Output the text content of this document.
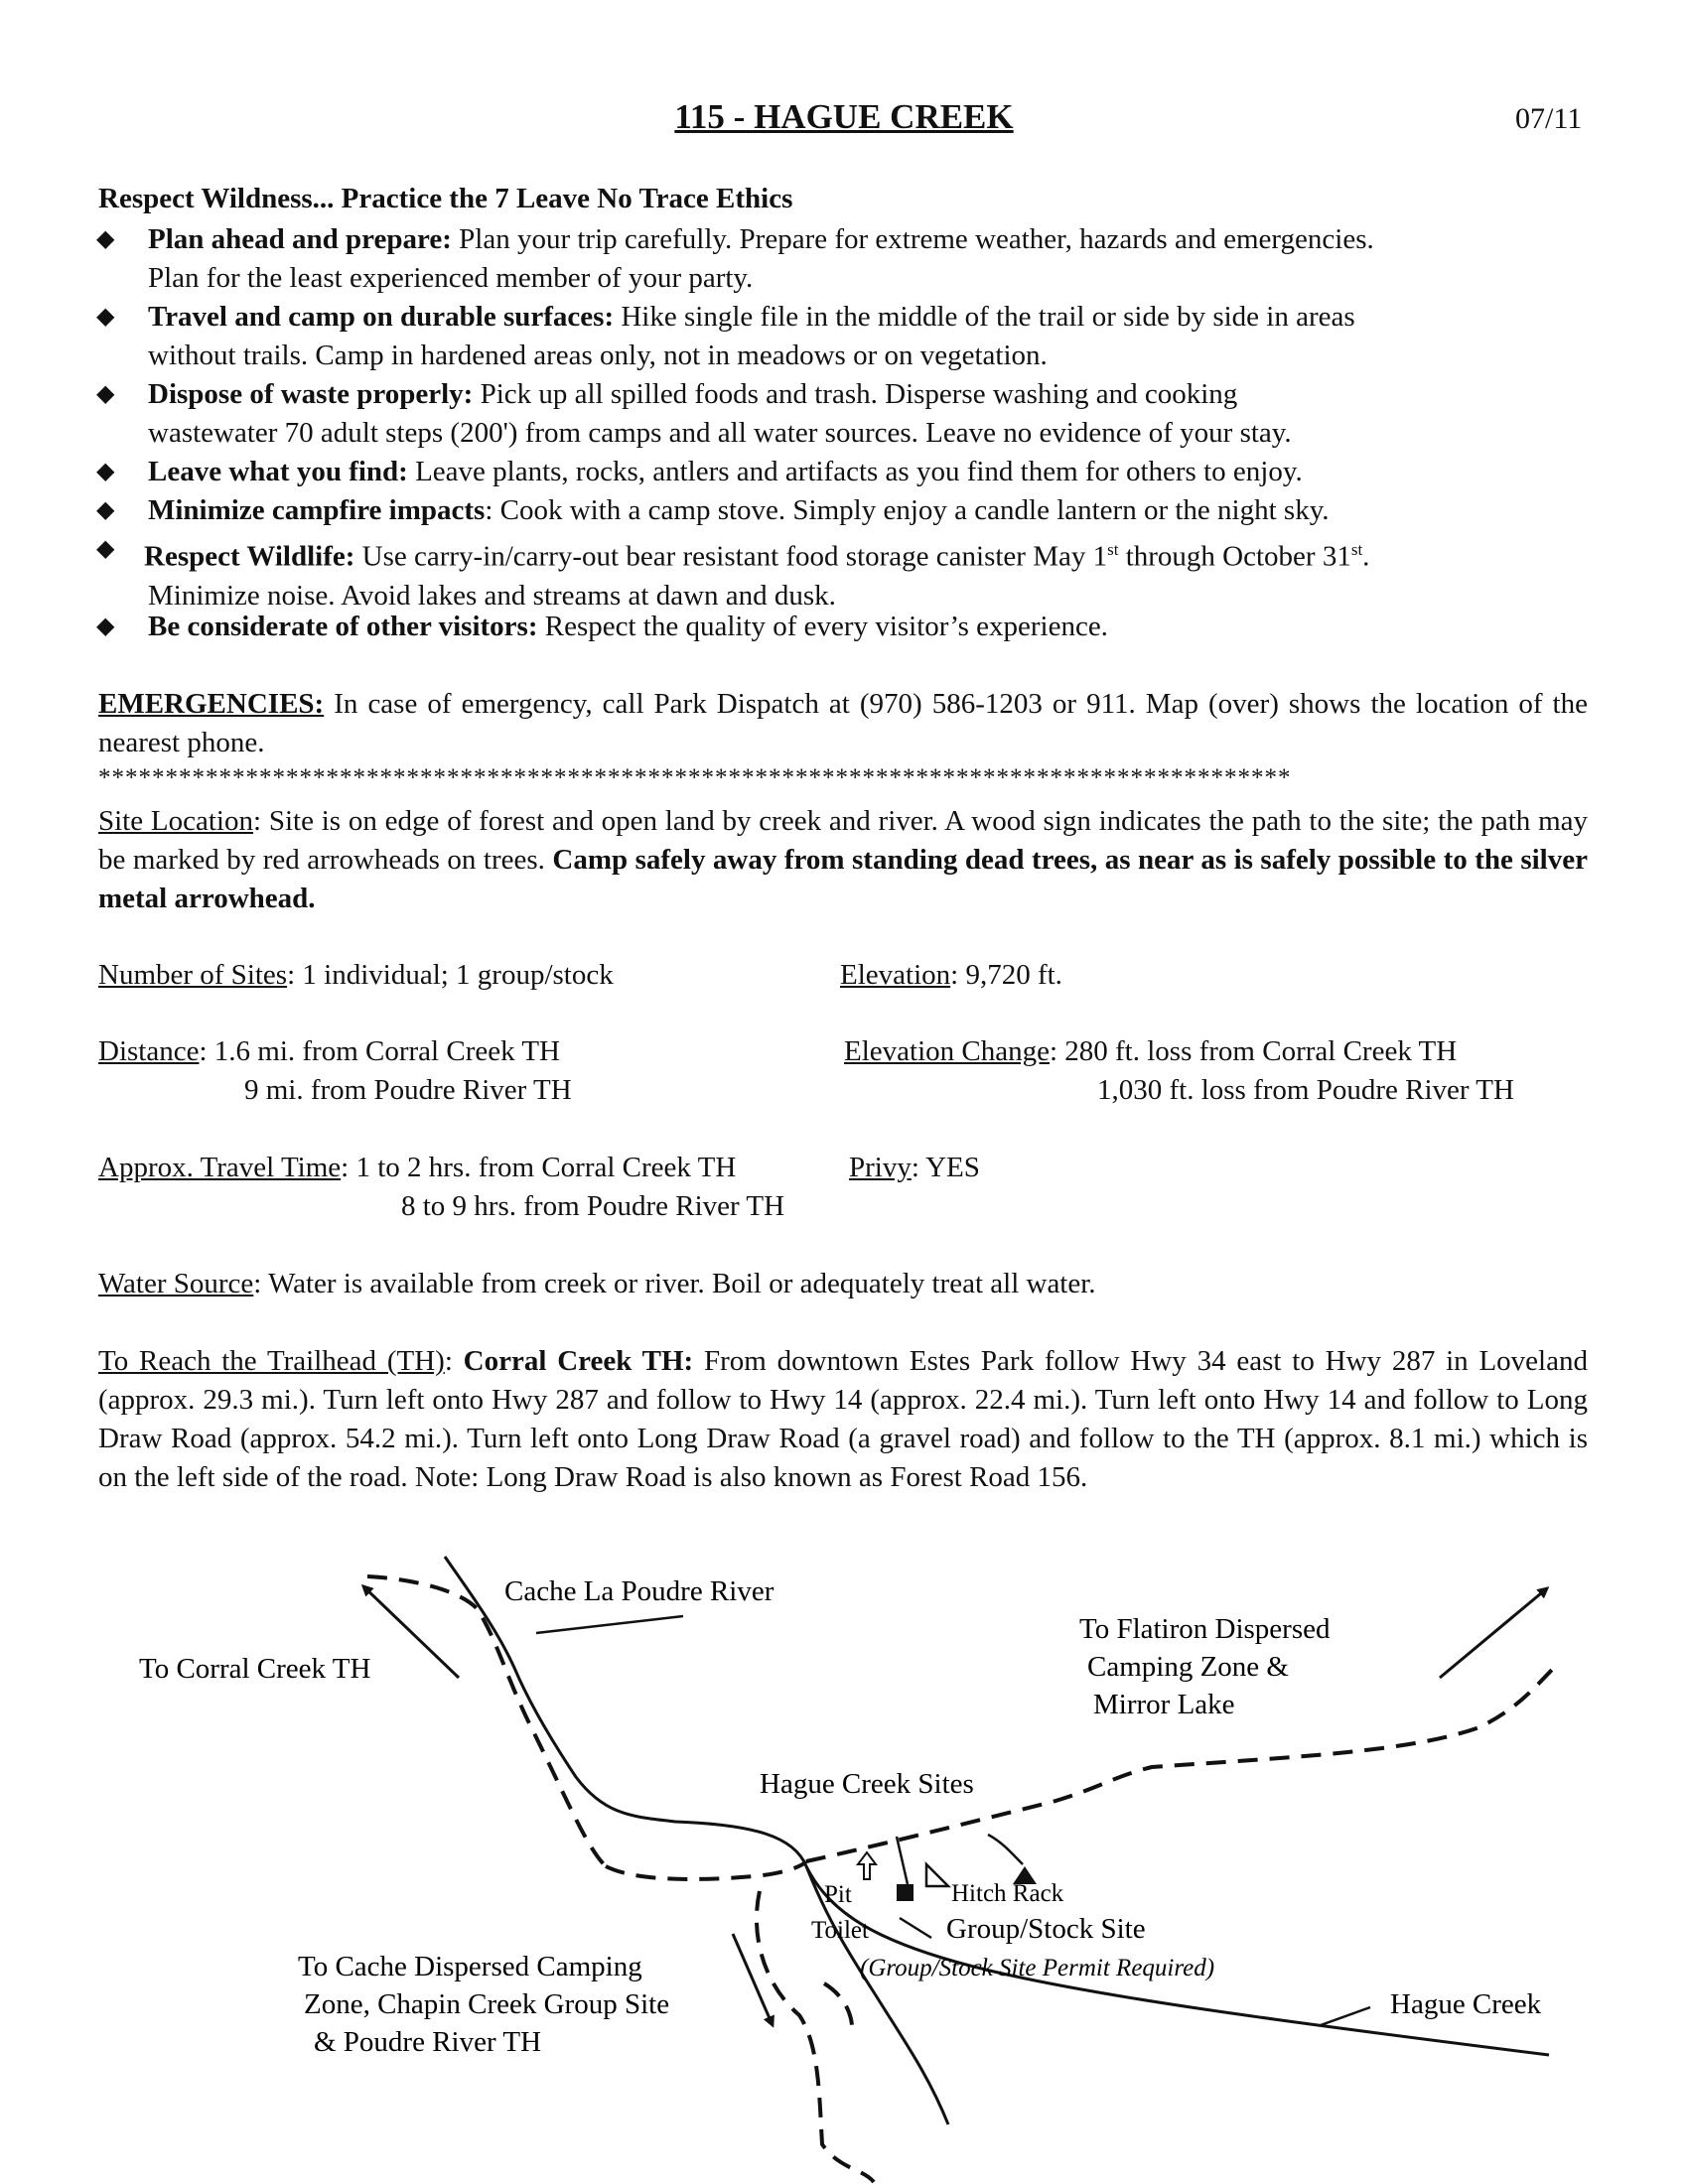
115 - HAGUE CREEK	07/11
Respect Wildness... Practice the 7 Leave No Trace Ethics
◆ Plan ahead and prepare: Plan your trip carefully. Prepare for extreme weather, hazards and emergencies.
Plan for the least experienced member of your party.
◆ Travel and camp on durable surfaces: Hike single file in the middle of the trail or side by side in areas
without trails. Camp in hardened areas only, not in meadows or on vegetation.
◆ Dispose of waste properly: Pick up all spilled foods and trash. Disperse washing and cooking
wastewater 70 adult steps (200') from camps and all water sources. Leave no evidence of your stay.
◆ Leave what you find: Leave plants, rocks, antlers and artifacts as you find them for others to enjoy.
◆ Minimize campfire impacts: Cook with a camp stove. Simply enjoy a candle lantern or the night sky.
◆ Respect Wildlife: Use carry-in/carry-out bear resistant food storage canister May 1st through October 31st.
Minimize noise. Avoid lakes and streams at dawn and dusk.
◆ Be considerate of other visitors: Respect the quality of every visitor’s experience.
EMERGENCIES: In case of emergency, call Park Dispatch at (970) 586-1203 or 911. Map (over) shows the location of the nearest phone.
*****************************************************************************************
Site Location: Site is on edge of forest and open land by creek and river. A wood sign indicates the path to the site; the path may be marked by red arrowheads on trees. Camp safely away from standing dead trees, as near as is safely possible to the silver metal arrowhead.
Number of Sites: 1 individual; 1 group/stock	Elevation: 9,720 ft.
Distance: 1.6 mi. from Corral Creek TH
9 mi. from Poudre River TH
Elevation Change: 280 ft. loss from Corral Creek TH
1,030 ft. loss from Poudre River TH
Approx. Travel Time: 1 to 2 hrs. from Corral Creek TH
8 to 9 hrs. from Poudre River TH
Privy: YES
Water Source: Water is available from creek or river. Boil or adequately treat all water.
To Reach the Trailhead (TH): Corral Creek TH: From downtown Estes Park follow Hwy 34 east to Hwy 287 in Loveland (approx. 29.3 mi.). Turn left onto Hwy 287 and follow to Hwy 14 (approx. 22.4 mi.). Turn left onto Hwy 14 and follow to Long Draw Road (approx. 54.2 mi.). Turn left onto Long Draw Road (a gravel road) and follow to the TH (approx. 8.1 mi.) which is on the left side of the road. Note: Long Draw Road is also known as Forest Road 156.
Cache La Poudre River
To Corral Creek TH
To Flatiron Dispersed
Camping Zone &
Mirror Lake
Hague Creek Sites
Pit
Toilet
Hitch Rack
Group/Stock Site
(Group/Stock Site Permit Required)
To Cache Dispersed Camping
Zone, Chapin Creek Group Site
& Poudre River TH
Hague Creek
